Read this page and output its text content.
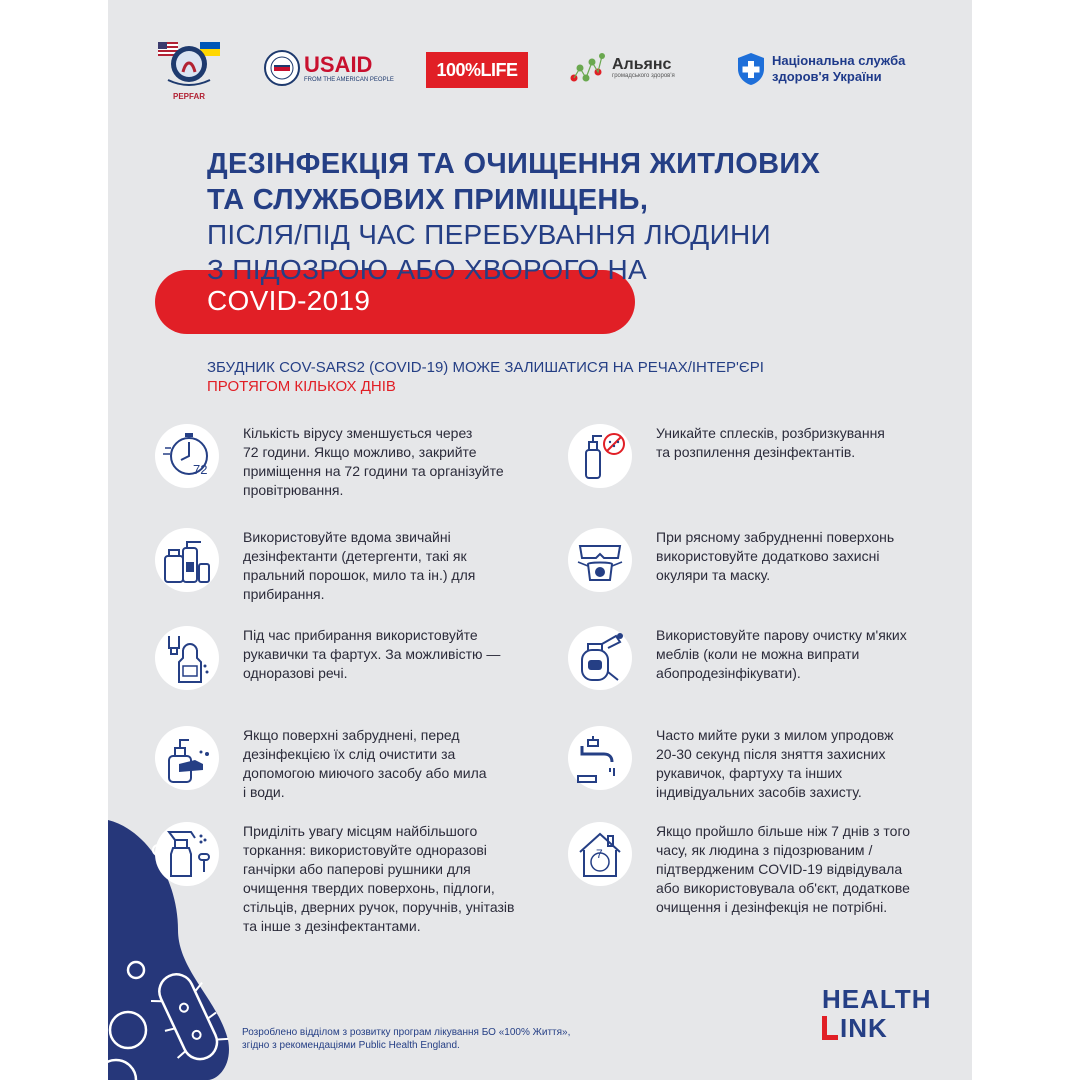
PEPFAR
USAID
FROM THE AMERICAN PEOPLE 100%LIFE	Альянс
громадського здоров'я
Національна служба
здоров'я України
ДЕЗІНФЕКЦІЯ ТА ОЧИЩЕННЯ ЖИТЛОВИХ
ТА СЛУЖБОВИХ ПРИМІЩЕНЬ,
ПІСЛЯ/ПІД ЧАС ПЕРЕБУВАННЯ ЛЮДИНИ
З ПІДОЗРОЮ АБО ХВОРОГО НА
COVID-2019
ЗБУДНИК COV-SARS2 (COVID-19) МОЖЕ ЗАЛИШАТИСЯ НА РЕЧАХ/ІНТЕР'ЄРІ
ПРОТЯГОМ КІЛЬКОХ ДНІВ
72
Кількість вірусу зменшується через
72 години. Якщо можливо, закрийте
приміщення на 72 години та організуйте
провітрювання.
Уникайте сплесків, розбризкування
та розпилення дезінфектантів.
Використовуйте вдома звичайні
дезінфектанти (детергенти, такі як
пральний порошок, мило та ін.) для
прибирання.
При рясному забрудненні поверхонь
використовуйте додатково захисні
окуляри та маску.
Під час прибирання використовуйте
рукавички та фартух. За можливістю —
одноразові речі.
Використовуйте парову очистку м'яких
меблів (коли не можна випрати
абопродезінфікувати).
Якщо поверхні забруднені, перед
дезінфекцією їх слід очистити за
допомогою миючого засобу або мила
і води.
Часто мийте руки з милом упродовж
20-30 секунд після зняття захисних
рукавичок, фартуху та інших
індивідуальних засобів захисту.
Приділіть увагу місцям найбільшого
торкання: використовуйте одноразові
ганчірки або паперові рушники для
очищення твердих поверхонь, підлоги,
стільців, дверних ручок, поручнів, унітазів
та інше з дезінфектантами.
7
Якщо пройшло більше ніж 7 днів з того
часу, як людина з підозрюваним /
підтвердженим COVID-19 відвідувала
або використовувала об'єкт, додаткове
очищення і дезінфекція не потрібні.
Розроблено відділом з розвитку програм лікування БО «100% Життя»,
згідно з рекомендаціями Public Health England.
HEALTH
INK
